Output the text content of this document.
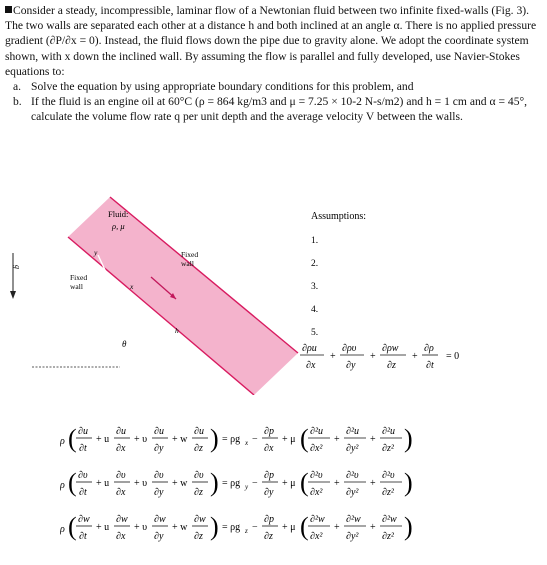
Consider a steady, incompressible, laminar flow of a Newtonian fluid between two infinite fixed-walls (Fig. 3). The two walls are separated each other at a distance h and both inclined at an angle α. There is no applied pressure gradient (∂P/∂x = 0). Instead, the fluid flows down the pipe due to gravity alone. We adopt the coordinate system shown, with x down the inclined wall. By assuming the flow is parallel and fully developed, use Navier-Stokes equations to:

a. Solve the equation by using appropriate boundary conditions for this problem, and

b. If the fluid is an engine oil at 60°C (ρ = 864 kg/m3 and μ = 7.25 × 10-2 N-s/m2) and h = 1 cm and α = 45°, calculate the volume flow rate q per unit depth and the average velocity V between the walls.

g
Fluid:
ρ, μ
Fixed
wall
Fixed
wall
y
x
h
θ
Assumptions:
1.
2.
3.
4.
5.
∂ρu
∂x
+
∂ρυ
∂y
+
∂ρw
∂z
+
∂ρ
∂t
= 0
ρ ( ∂u
∂t
+ u
∂u
∂x
+ υ
∂u
∂y
+ w
∂u
∂z ) = ρg x −
∂p
∂x
+ μ ( ∂²u
∂x²
+
∂²u
∂y²
+
∂²u
∂z² )
ρ ( ∂υ
∂t
+ u
∂υ
∂x
+ υ
∂υ
∂y
+ w
∂υ
∂z ) = ρg y −
∂p
∂y
+ μ ( ∂²υ
∂x²
+
∂²υ
∂y²
+
∂²υ
∂z² )
ρ ( ∂w
∂t
+ u
∂w
∂x
+ υ
∂w
∂y
+ w
∂w
∂z ) = ρg z −
∂p
∂z
+ μ ( ∂²w
∂x²
+
∂²w
∂y²
+
∂²w
∂z² )
